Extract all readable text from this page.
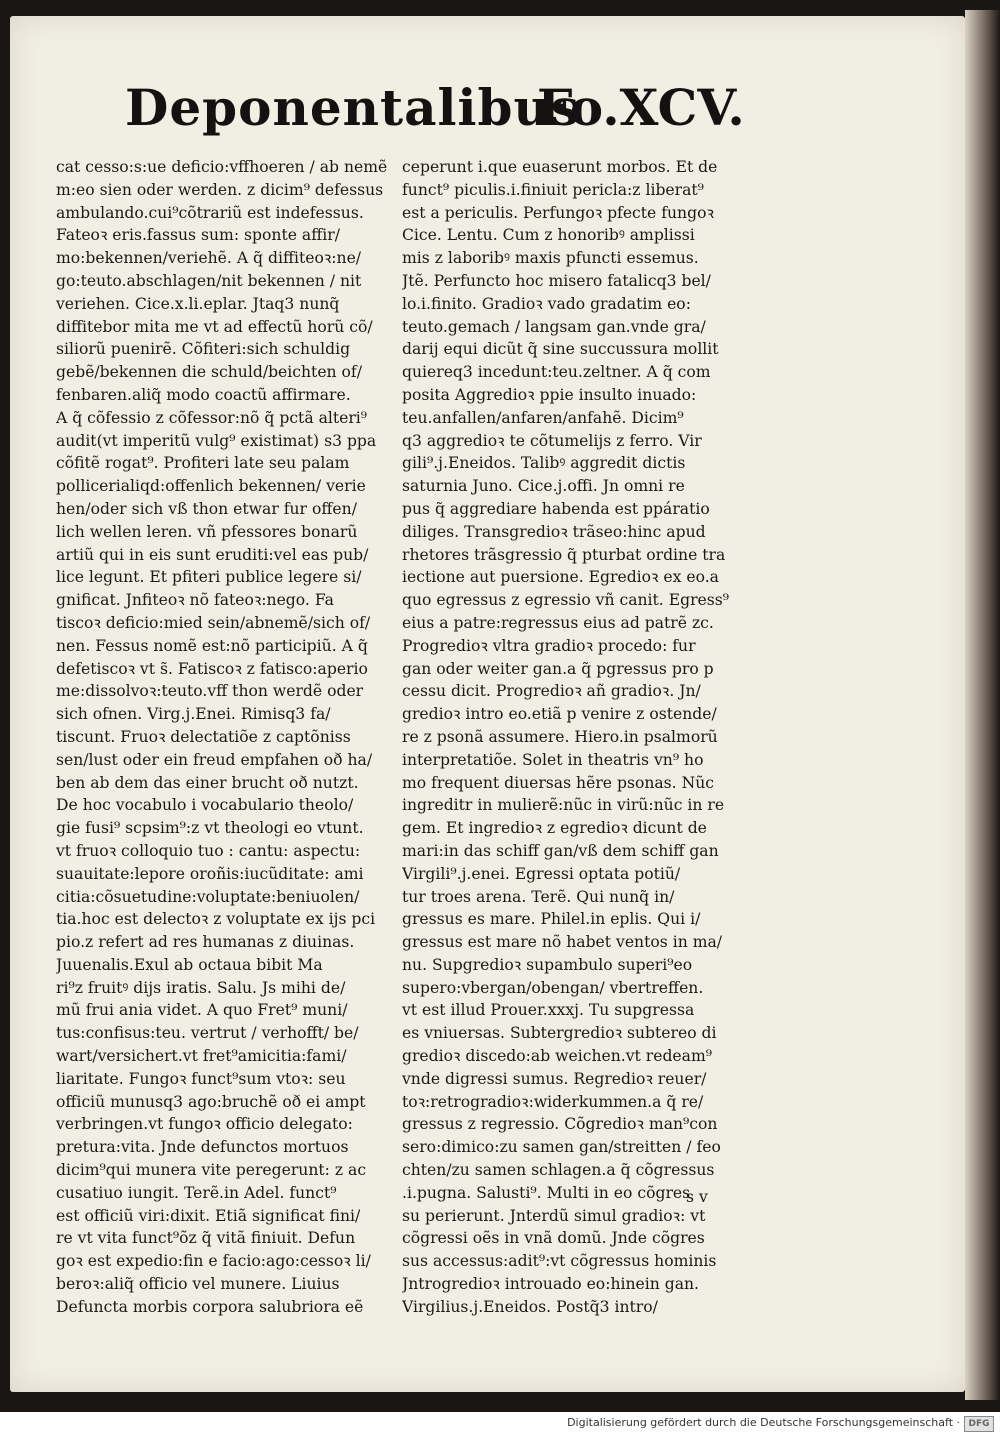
Deponentalibus
Fo.XCV.
cat cesso:s:ue deficio:vffhoeren / ab nemẽ
m:eo sien oder werden. z dicim⁹ defessus
ambulando.cui⁹cõtrariũ est indefessus.
Fateoꝛ eris.fassus sum: sponte affir/
mo:bekennen/veriehẽ. A q̃ diffiteoꝛ:ne/
go:teuto.abschlagen/nit bekennen / nit
veriehen. Cice.x.li.eplar. Jtaq3 nunq̃
diffitebor mi̇ta me vt ad effectũ horũ cõ/
siliorũ puenirẽ. Cõfiteri:sich schuldig
gebẽ/bekennen die schuld/beichten of/
fenbaren.aliq̃ modo coactũ affirmare.
A q̃ cõfessio z cõfessor:nõ q̃ pctã alteri⁹
audit(vt imperitũ vulg⁹ existimat) s3 ppa
cõfitẽ rogat⁹. Profiteri late seu palam
pollicerialiqd:offenlich bekennen/ verie
hen/oder sich vß thon etwar fur offen/
lich wellen leren. vñ pfessores bonarũ
artiũ qui in eis sunt eruditi:vel eas pub/
lice legunt. Et pfiteri publice legere si/
gnificat. Jnfiteoꝛ nõ fateoꝛ:nego. Fa
tiscoꝛ deficio:mied sein/abnemẽ/sich of/
nen. Fessus nomẽ est:nõ participiũ. A q̃
defetiscoꝛ vt s̃. Fatiscoꝛ z fatisco:aperio
me:dissolvoꝛ:teuto.vff thon werdẽ oder
sich ofnen. Virg.j.Enei. Rimisq3 fa/
tiscunt. Fruoꝛ delectatiõe z captõniss
sen/lust oder ein freud empfahen oð ha/
ben ab dem das einer brucht oð nutzt.
De hoc vocabulo i vocabulario theolo/
gie fusi⁹ scpsim⁹:z vt theologi eo vtunt.
vt fruoꝛ colloquio tuo : cantu: aspectu:
suauitate:lepore oroñis:iucũditate: ami
citia:cõsuetudine:voluptate:beniuolen/
tia.hoc est delectoꝛ z voluptate ex ijs pci
pio.z refert ad res humanas z diuinas.
Juuenalis.Exul ab octaua bibit Ma
ri⁹z fruitꝰ dijs iratis. Salu. Js mihi de/
mũ frui ania videt. A quo Fret⁹ muni/
tus:confisus:teu. vertrut / verhofft/ be/
wart/versichert.vt fret⁹amicitia:fami/
liaritate. Fungoꝛ funct⁹sum vtoꝛ: seu
officiũ munusq3 ago:bruchẽ oð ei ampt
verbringen.vt fungoꝛ officio delegato:
pretura:vita. Jnde defunctos mortuos
dicim⁹qui munera vite peregerunt: z ac
cusatiuo iungit. Terẽ.in Adel. funct⁹
est officiũ viri:dixit. Etiã significat fini/
re vt vita funct⁹õz q̃ vitã finiuit. Defun
goꝛ est expedio:fin e facio:ago:cessoꝛ li/
beroꝛ:aliq̃ officio vel munere. Liuius
Defuncta morbis corpora salubriora eẽ
ceperunt i.que euaserunt morbos. Et de
funct⁹ piculis.i.finiuit pericla:z liberat⁹
est a periculis. Perfungoꝛ pfecte fungoꝛ
Cice. Lentu. Cum z honoribꝰ amplissi
mis z laboribꝰ maxis pfuncti essemus.
Jtẽ. Perfuncto hoc misero fatalicq3 bel/
lo.i.finito. Gradioꝛ vado gradatim eo:
teuto.gemach / langsam gan.vnde gra/
darij equi dicũt q̃ sine succussura mollit
quiereq3 incedunt:teu.zeltner. A q̃ com
posita Aggredioꝛ ppie insulto inuado:
teu.anfallen/anfaren/anfahẽ. Dicim⁹
q3 aggredioꝛ te cõtumelijs z ferro. Vir
gili⁹.j.Eneidos. Talibꝰ aggredit dictis
saturnia Juno. Cice.j.offi. Jn omni re
pus q̃ aggrediare habenda est ppáratio
diliges. Transgredioꝛ trãseo:hinc apud
rhetores trãsgressio q̃ pturbat ordine tra
iectione aut puersione. Egredioꝛ ex eo.a
quo egressus z egressio vñ canit. Egress⁹
eius a patre:regressus eius ad patrẽ zc.
Progredioꝛ vltra gradioꝛ procedo: fur
gan oder weiter gan.a q̃ pgressus pro p
cessu dicit. Progredioꝛ añ gradioꝛ. Jn/
gredioꝛ intro eo.etiã p venire z ostende/
re z psonã assumere. Hiero.in psalmorũ
interpretatiõe. Solet in theatris vn⁹ ho
mo frequent diuersas hẽre psonas. Nũc
ingreditr in mulierẽ:nũc in virũ:nũc in re
gem. Et ingredioꝛ z egredioꝛ dicunt de
mari:in das schiff gan/vß dem schiff gan
Virgili⁹.j.enei. Egressi optata potiũ/
tur troes arena. Terẽ. Qui nunq̃ in/
gressus es mare. Philel.in eplis. Qui i/
gressus est mare nõ habet ventos in ma/
nu. Supgredioꝛ supambulo superi⁹eo
supero:vbergan/obengan/ vbertreffen.
vt est illud Prouer.xxxj. Tu supgressa
es vniuersas. Subtergredioꝛ subtereo di
gredioꝛ discedo:ab weichen.vt redeam⁹
vnde digressi sumus. Regredioꝛ reuer/
toꝛ:retrogradioꝛ:widerkummen.a q̃ re/
gressus z regressio. Cõgredioꝛ man⁹con
sero:dimico:zu samen gan/streitten / feo
chten/zu samen schlagen.a q̃ cõgressus
.i.pugna. Salusti⁹. Multi in eo cõgres
su perierunt. Jnterdũ simul gradioꝛ: vt
cõgressi oẽs in vnã domũ. Jnde cõgres
sus accessus:adit⁹:vt cõgressus hominis
Jntrogredioꝛ introuado eo:hinein gan.
Virgilius.j.Eneidos. Postq̃3 intro/
s v
Digitalisierung gefördert durch die Deutsche Forschungsgemeinschaft · DFG
